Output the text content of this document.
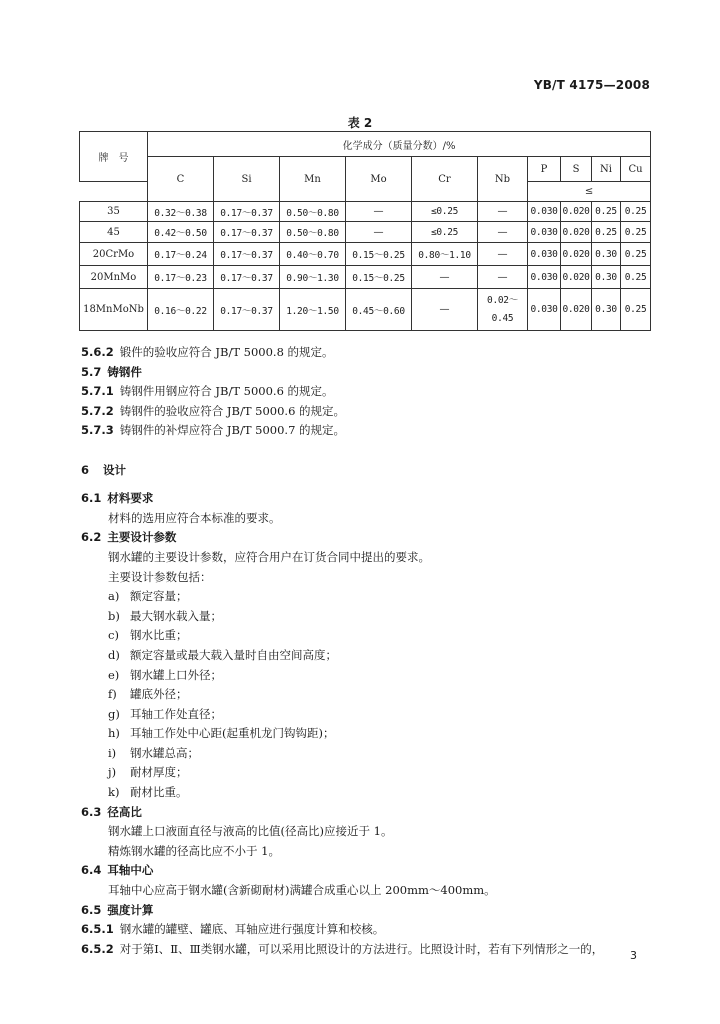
YB/T 4175—2008
表 2
牌　号	化学成分（质量分数）/%									
	C	Si	Mn	Mo	Cr	Nb	P	S	Ni	Cu
							≤			
35	0.32～0.38	0.17～0.37	0.50～0.80	—	≤0.25	—	0.030	0.020	0.25	0.25
45	0.42～0.50	0.17～0.37	0.50～0.80	—	≤0.25	—	0.030	0.020	0.25	0.25
20CrMo	0.17～0.24	0.17～0.37	0.40～0.70	0.15～0.25	0.80～1.10	—	0.030	0.020	0.30	0.25
20MnMo	0.17～0.23	0.17～0.37	0.90～1.30	0.15～0.25	—	—	0.030	0.020	0.30	0.25
18MnMoNb	0.16～0.22	0.17～0.37	1.20～1.50	0.45～0.60	—	0.02～0.45	0.030	0.020	0.30	0.25
5.6.2 锻件的验收应符合 JB/T 5000.8 的规定。
5.7 铸钢件
5.7.1 铸钢件用钢应符合 JB/T 5000.6 的规定。
5.7.2 铸钢件的验收应符合 JB/T 5000.6 的规定。
5.7.3 铸钢件的补焊应符合 JB/T 5000.7 的规定。
6 设计
6.1 材料要求
材料的选用应符合本标准的要求。
6.2 主要设计参数
钢水罐的主要设计参数，应符合用户在订货合同中提出的要求。
主要设计参数包括：
a) 额定容量；
b) 最大钢水载入量；
c) 钢水比重；
d) 额定容量或最大载入量时自由空间高度；
e) 钢水罐上口外径；
f) 罐底外径；
g) 耳轴工作处直径；
h) 耳轴工作处中心距(起重机龙门钩钩距)；
i) 钢水罐总高；
j) 耐材厚度；
k) 耐材比重。
6.3 径高比
钢水罐上口液面直径与液高的比值(径高比)应接近于 1。
精炼钢水罐的径高比应不小于 1。
6.4 耳轴中心
耳轴中心应高于钢水罐(含新砌耐材)满罐合成重心以上 200mm～400mm。
6.5 强度计算
6.5.1 钢水罐的罐壁、罐底、耳轴应进行强度计算和校核。
6.5.2 对于第Ⅰ、Ⅱ、Ⅲ类钢水罐，可以采用比照设计的方法进行。比照设计时，若有下列情形之一的，	3
